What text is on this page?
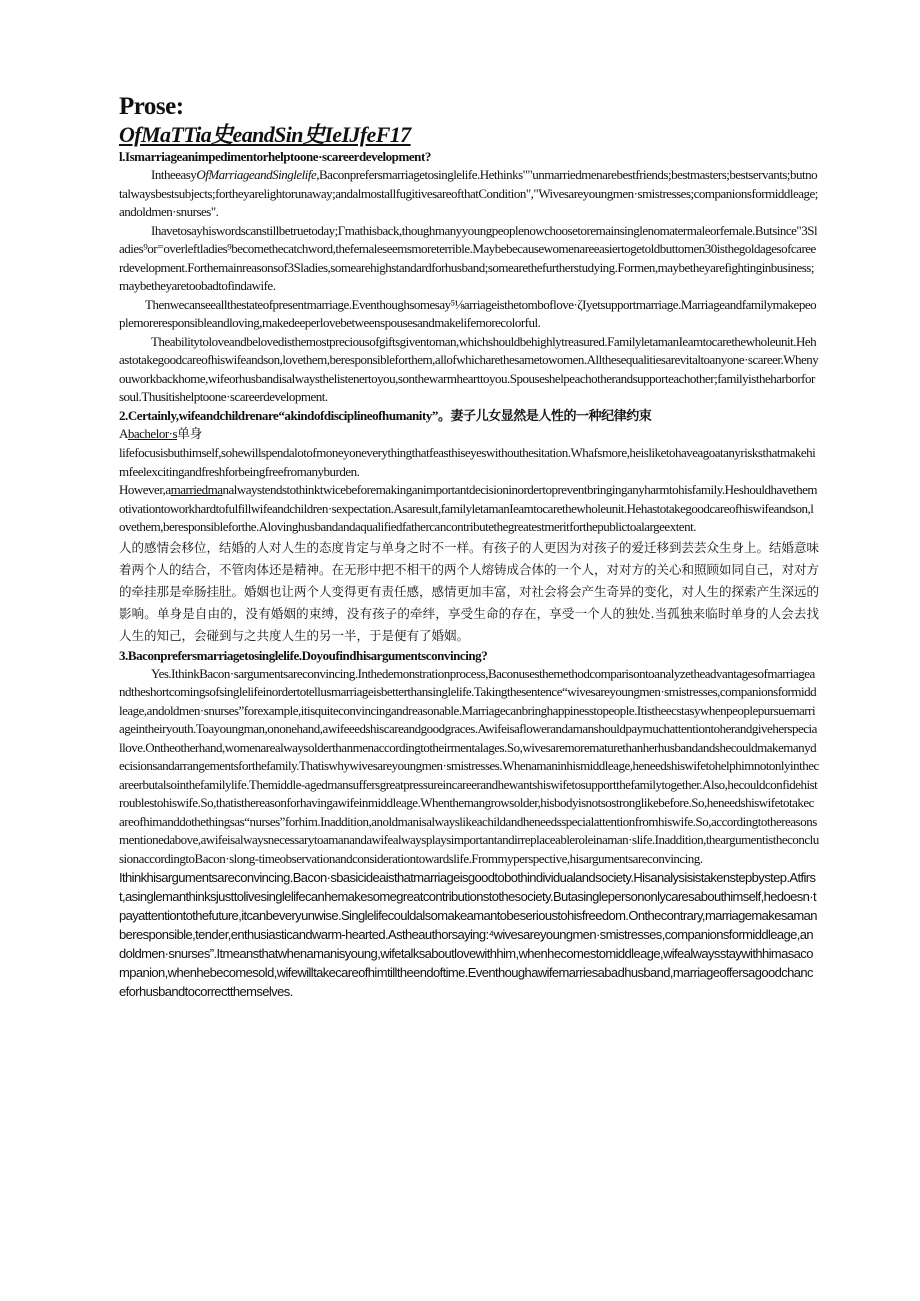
Prose:
OfMaTTia史eandSin史IeIJfeF17
l.Ismarriageanimpedimentorhelptoone·scareerdevelopment?

IntheeasyOfMarriageandSinglelife,Baconprefersmarriagetosinglelife.Hethinks""unmarriedmenarebestfriends;bestmasters;bestservants;butnotalwaysbestsubjects;fortheyarelightorunaway;andalmostallfugitivesareofthatCondition","Wivesareyoungmen·smistresses;companionsformiddleage;andoldmen·snurses".

Ihavetosayhiswordscanstillbetruetoday;Γmathisback,thoughmanyyoungpeoplenowchoosetoremainsinglenomatermaleorfemale.Butsince"3Sladies⁹or⁼overleftladies⁹becomethecatchword,thefemaleseemsmoreterrible.Maybebecausewomenareeasiertogetoldbuttomen30isthegoldagesofcareerdevelopment.Forthemainreasonsof3Sladies,somearehighstandardforhusband;somearethefurtherstudying.Formen,maybetheyarefightinginbusiness;maybetheyaretoobadtofindawife.

Thenwecanseeallthestateofpresentmarriage.Eventhoughsomesay⁵⅛arriageisthetomboflove·ζIyetsupportmarriage.Marriageandfamilymakepeoplemoreresponsibleandloving,makedeeperlovebetweenspousesandmakelifemorecolorful.

Theabilitytoloveandbelovedisthemostpreciousofgiftsgiventoman,whichshouldbehighlytreasured.FamilyletamanIeamtocarethewholeunit.Hehastotakegoodcareofhiswifeandson,lovethem,beresponsibleforthem,allofwhicharethesametowomen.Allthesequalitiesarevitaltoanyone·scareer.Whenyouworkbackhome,wifeorhusbandisalwaysthelistenertoyou,sonthewarmhearttoyou.Spouseshelpeachotherandsupporteachother;familyistheharborforsoul.Thusitishelptoone·scareerdevelopment.

2.Certainly,wifeandchildrenare“akindofdisciplineofhumanity”。妻子儿女显然是人性的一种纪律约束

Abachelor·s单身

lifefocusisbuthimself,sohewillspendalotofmoneyoneverythingthatfeasthiseyeswithouthesitation.Whafsmore,heisliketohaveagoatanyrisksthatmakehimfeelexcitingandfreshforbeingfreefromanyburden.

However,amarriedmanalwaystendstothinktwicebeforemakinganimportantdecisioninordertopreventbringinganyharmtohisfamily.Heshouldhavethemotivationtoworkhardtofulfillwifeandchildren·sexpectation.Asaresult,familyletamanIeamtocarethewholeunit.Hehastotakegoodcareofhiswifeandson,lovethem,beresponsibleforthe.Alovinghusbandandaqualifiedfathercancontributethegreatestmeritforthepublictoalargeextent.

人的感情会移位，结婚的人对人生的态度肯定与单身之时不一样。有孩子的人更因为对孩子的爱迁移到芸芸众生身上。结婚意味着两个人的结合，不管肉体还是精神。在无形中把不相干的两个人熔铸成合体的一个人，对对方的关心和照顾如同自己，对对方的牵挂那是牵肠挂肚。婚姻也让两个人变得更有责任感，感情更加丰富，对社会将会产生奇异的变化，对人生的探索产生深远的影响。单身是自由的，没有婚姻的束缚，没有孩子的牵绊，享受生命的存在，享受一个人的独处.当孤独来临时单身的人会去找人生的知己，会碰到与之共度人生的另一半，于是便有了婚姻。

3.Baconprefersmarriagetosinglelife.Doyoufindhisargumentsconvincing?

Yes.IthinkBacon·sargumentsareconvincing.Inthedemonstrationprocess,Baconusesthemethodcomparisontoanalyzetheadvantagesofmarriageandtheshortcomingsofsinglelifeinordertotellusmarriageisbetterthansinglelife.Takingthesentence“wivesareyoungmen·smistresses,companionsformiddleage,andoldmen·snurses”forexample,itisquiteconvincingandreasonable.Marriagecanbringhappinesstopeople.Itistheecstasywhenpeoplepursuemarriageintheiryouth.Toayoungman,ononehand,awifeeedshiscareandgoodgraces.Awifeisaflowerandamanshouldpaymuchattentiontoherandgiveherspeciallove.Ontheotherhand,womenarealwaysolderthanmenaccordingtotheirmentalages.So,wivesaremorematurethanherhusbandandshecouldmakemanydecisionsandarrangementsforthefamily.Thatiswhywivesareyoungmen·smistresses.Whenamaninhismiddleage,heneedshiswifetohelphimnotonlyinthecareerbutalsointhefamilylife.Themiddle-agedmansuffersgreatpressureincareerandhewantshiswifetosupportthefamilytogether.Also,hecouldconfidehistroublestohiswife.So,thatisthereasonforhavingawifeinmiddleage.Whenthemangrowsolder,hisbodyisnotsostronglikebefore.So,heneedshiswifetotakecareofhimanddothethingsas“nurses”forhim.Inaddition,anoldmanisalwayslikeachildandheneedsspecialattentionfromhiswife.So,accordingtothereasonsmentionedabove,awifeisalwaysnecessarytoamanandawifealwaysplaysimportantandirreplaceableroleinaman·slife.Inaddition,theargumentistheconclusionaccordingtoBacon·slong-timeobservationandconsiderationtowardslife.Frommyperspective,hisargumentsareconvincing.

Ithinkhisargumentsareconvincing.Bacon·sbasicideaisthatmarriageisgoodtobothindividualandsociety.Hisanalysisistakenstepbystep.Atfirst,asinglemanthinksjusttolivesinglelifecanhemakesomegreatcontributionstothesociety.Butasinglepersononlycaresabouthimself,hedoesn·tpayattentiontothefuture,itcanbeveryunwise.Singlelifecouldalsomakeamantobeserioustohisfreedom.Onthecontrary,marriagemakesamanberesponsible,tender,enthusiasticandwarm-hearted.Astheauthorsaying:⁴wivesareyoungmen·smistresses,companionsformiddleage,andoldmen·snurses”.Itmeansthatwhenamanisyoung,wifetalksaboutlovewithhim,whenhecomestomiddleage,wifealwaysstaywithhimasacompanion,whenhebecomesold,wifewilltakecareofhimtilltheendoftime.Eventhoughawifemarriesabadhusband,marriageoffersagoodchanceforhusbandtocorrectthemselves.
